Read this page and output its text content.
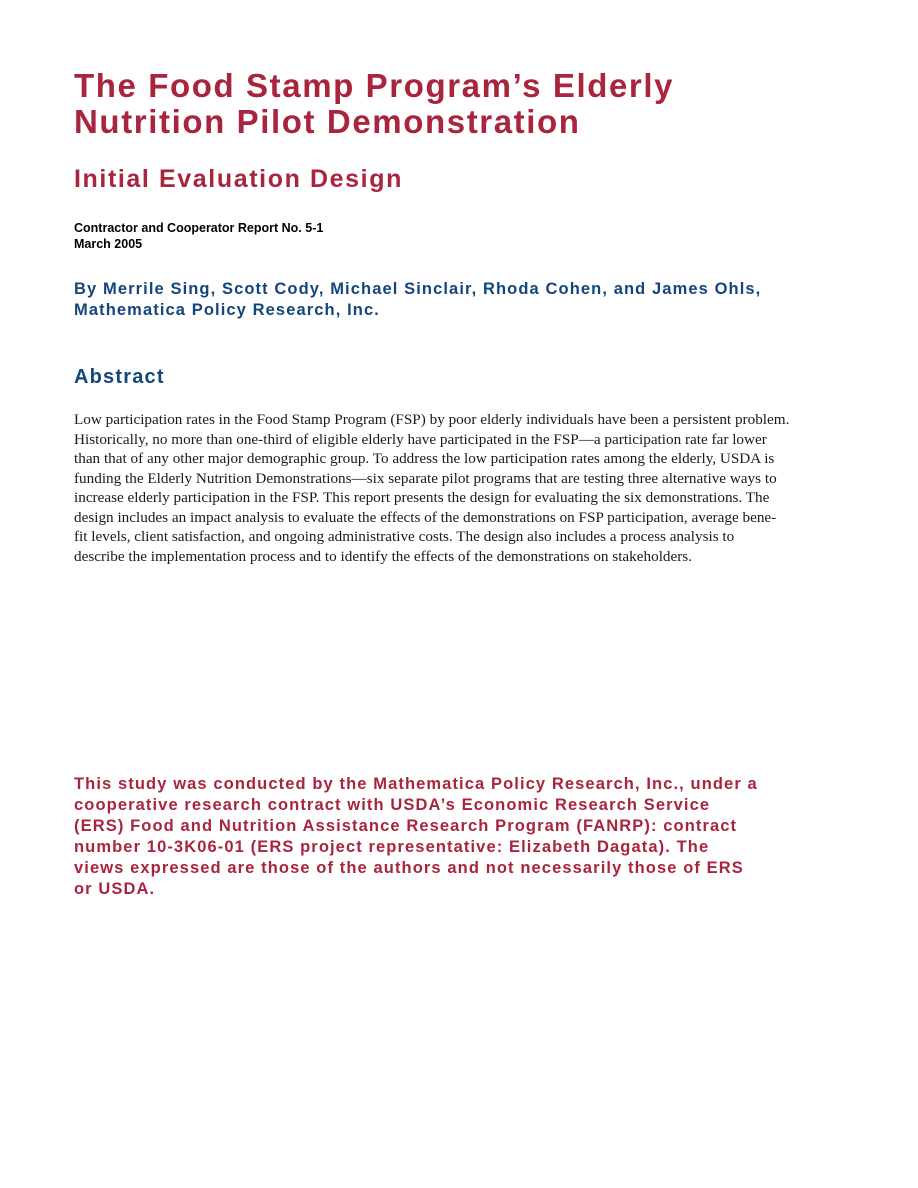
The Food Stamp Program’s Elderly
Nutrition Pilot Demonstration
Initial Evaluation Design
Contractor and Cooperator Report No. 5-1
March 2005
By Merrile Sing, Scott Cody, Michael Sinclair, Rhoda Cohen, and James Ohls,
Mathematica Policy Research, Inc.
Abstract
Low participation rates in the Food Stamp Program (FSP) by poor elderly individuals have been a persistent problem.
Historically, no more than one-third of eligible elderly have participated in the FSP—a participation rate far lower
than that of any other major demographic group. To address the low participation rates among the elderly, USDA is
funding the Elderly Nutrition Demonstrations—six separate pilot programs that are testing three alternative ways to
increase elderly participation in the FSP. This report presents the design for evaluating the six demonstrations. The
design includes an impact analysis to evaluate the effects of the demonstrations on FSP participation, average bene-
fit levels, client satisfaction, and ongoing administrative costs. The design also includes a process analysis to
describe the implementation process and to identify the effects of the demonstrations on stakeholders.
This study was conducted by the Mathematica Policy Research, Inc., under a
cooperative research contract with USDA’s Economic Research Service
(ERS) Food and Nutrition Assistance Research Program (FANRP): contract
number 10-3K06-01 (ERS project representative: Elizabeth Dagata). The
views expressed are those of the authors and not necessarily those of ERS
or USDA.
